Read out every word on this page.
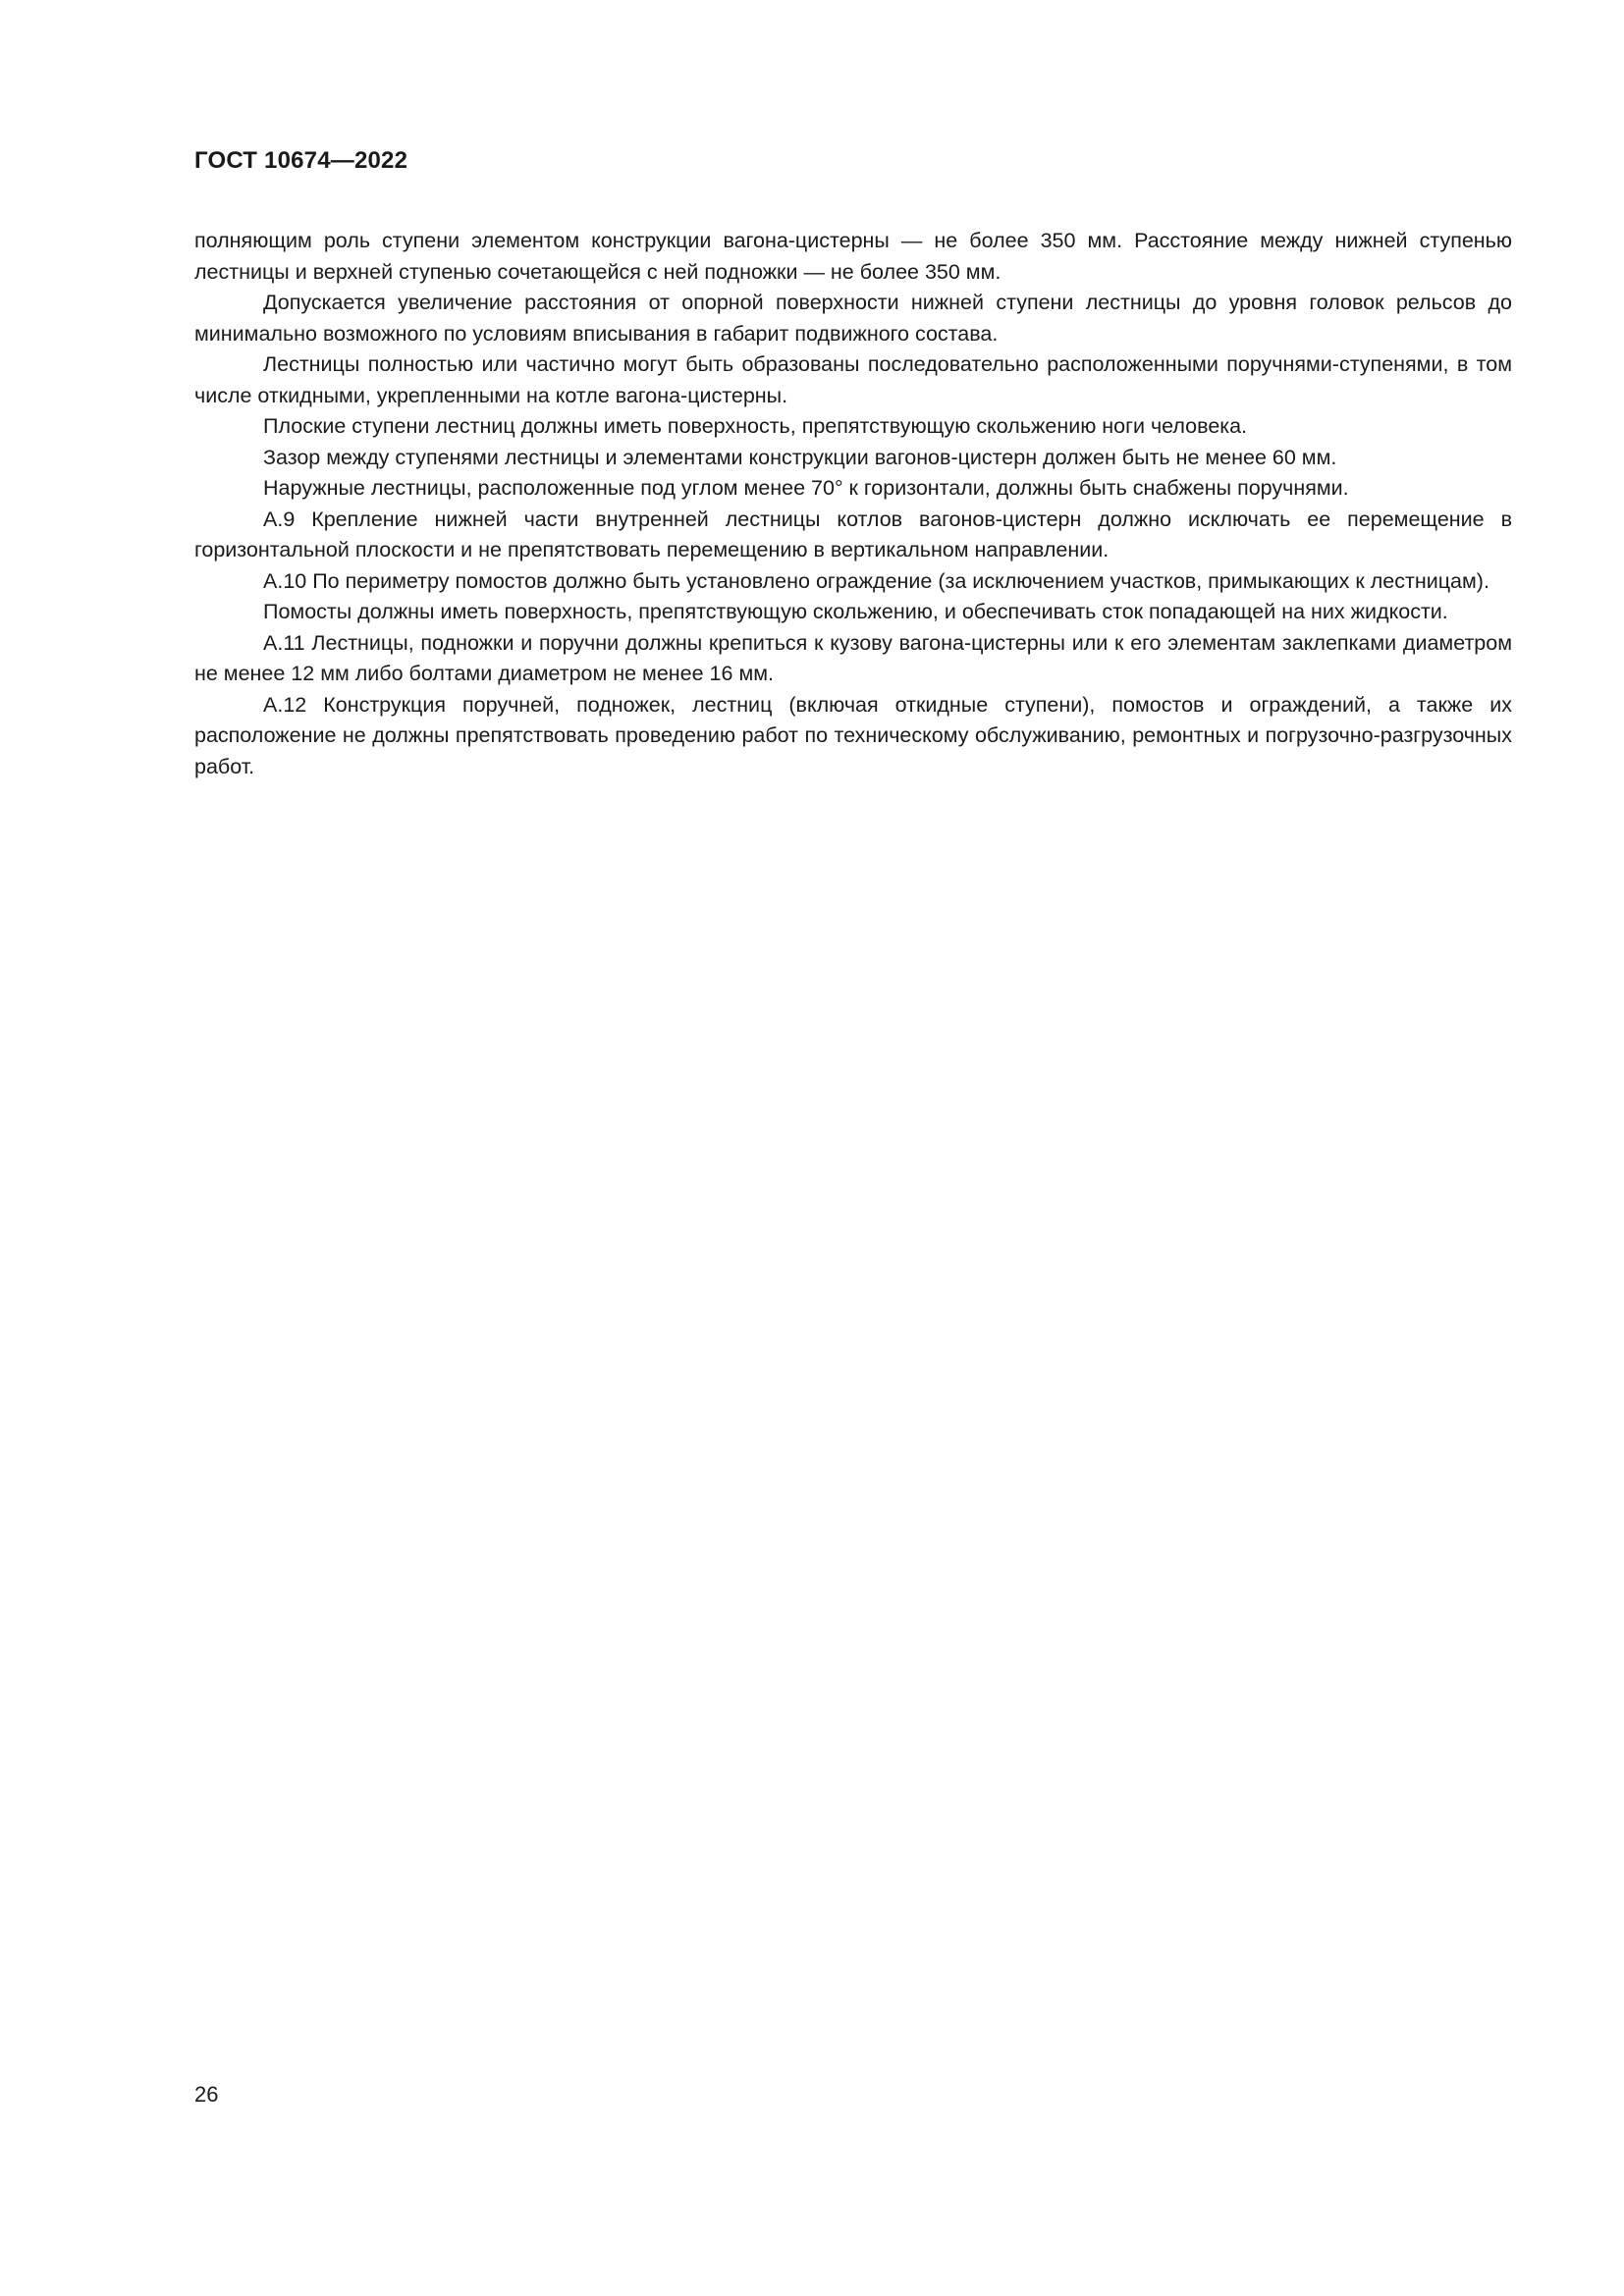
ГОСТ 10674—2022

полняющим роль ступени элементом конструкции вагона-цистерны — не более 350 мм. Расстояние между нижней ступенью лестницы и верхней ступенью сочетающейся с ней подножки — не более 350 мм.

Допускается увеличение расстояния от опорной поверхности нижней ступени лестницы до уровня головок рельсов до минимально возможного по условиям вписывания в габарит подвижного состава.

Лестницы полностью или частично могут быть образованы последовательно расположенными поручнями-ступенями, в том числе откидными, укрепленными на котле вагона-цистерны.

Плоские ступени лестниц должны иметь поверхность, препятствующую скольжению ноги человека.

Зазор между ступенями лестницы и элементами конструкции вагонов-цистерн должен быть не менее 60 мм.

Наружные лестницы, расположенные под углом менее 70° к горизонтали, должны быть снабжены поручнями.

А.9 Крепление нижней части внутренней лестницы котлов вагонов-цистерн должно исключать ее перемещение в горизонтальной плоскости и не препятствовать перемещению в вертикальном направлении.

А.10 По периметру помостов должно быть установлено ограждение (за исключением участков, примыкающих к лестницам).

Помосты должны иметь поверхность, препятствующую скольжению, и обеспечивать сток попадающей на них жидкости.

А.11 Лестницы, подножки и поручни должны крепиться к кузову вагона-цистерны или к его элементам заклепками диаметром не менее 12 мм либо болтами диаметром не менее 16 мм.

А.12 Конструкция поручней, подножек, лестниц (включая откидные ступени), помостов и ограждений, а также их расположение не должны препятствовать проведению работ по техническому обслуживанию, ремонтных и погрузочно-разгрузочных работ.

26
